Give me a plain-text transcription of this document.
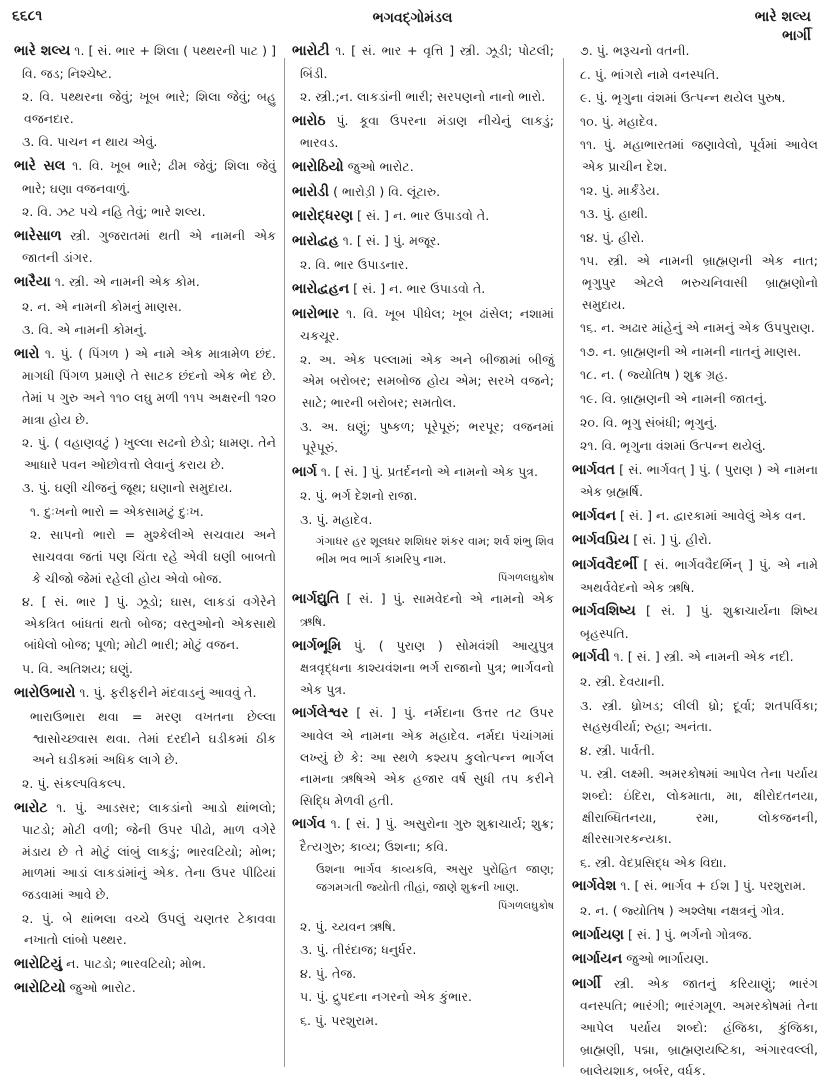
૬૬૮૧	ભગવદ્ગોમંડલ	ભારે શલ્ય
ભાર્ગી
ભારે શલ્ય ૧. [ સં. ભાર + શિલા ( પથ્થરની પાટ ) ] વિ. જડ; નિશ્ચેષ્ટ.
૨. વિ. પથ્થરના જેવું; ખૂબ ભારે; શિલા જેવું; બહુ વજનદાર.
૩. વિ. પાચન ન થાય એવું.
ભારે સલ ૧. વિ. ખૂબ ભારે; ઢીમ જેવું; શિલા જેવું ભારે; ઘણા વજનવાળું.
૨. વિ. ઝટ પચે નહિ તેવું; ભારે શલ્ય.
ભારેસાળ સ્ત્રી. ગુજરાતમાં થતી એ નામની એક જાતની ડાંગર.
ભારૈયા ૧. સ્ત્રી. એ નામની એક કોમ.
૨. ન. એ નામની કોમનું માણસ.
૩. વિ. એ નામની કોમનું.
ભારો ૧. પું. ( પિંગળ ) એ નામે એક માત્રામેળ છંદ. માગધી પિંગળ પ્રમાણે તે સાટક છંદનો એક ભેદ છે. તેમાં ૫ ગુરુ અને ૧૧૦ લઘુ મળી ૧૧૫ અક્ષરની ૧૨૦ માત્રા હોય છે.
૨. પું. ( વહાણવટું ) ખુલ્લા સઢનો છેડો; ધામણ. તેને આધારે પવન ઓછોવત્તો લેવાનું કરાય છે.
૩. પું. ઘણી ચીજનું જૂથ; ઘણાનો સમુદાય.
૧. દુઃખનો ભારો = એકસામટું દુઃખ.
૨. સાપનો ભારો = મુશ્કેલીએ સચવાય અને સાચવવા જતાં પણ ચિંતા રહે એવી ઘણી બાબતો કે ચીજો જેમાં રહેલી હોય એવો બોજ.
૪. [ સં. ભાર ] પું. ઝૂડો; ઘાસ, લાકડાં વગેરેને એકત્રિત બાંધતાં થતો બોજ; વસ્તુઓનો એકસાથે બાંધેલો બોજ; પૂળો; મોટી ભારી; મોટું વજન.
૫. વિ. અતિશય; ઘણું.
ભારોઉભારો ૧. પું. ફરીફરીને મંદવાડનું આવવું તે.
ભારાઉભારા થવા = મરણ વખતના છેલ્લા શ્વાસોચ્છ્વાસ થવા. તેમાં દરદીને ઘડીકમાં ઠીક અને ઘડીકમાં અધિક લાગે છે.
૨. પું. સંકલ્પવિકલ્પ.
ભારોટ ૧. પું. આડસર; લાકડાંનો આડો થાંભલો; પાટડો; મોટી વળી; જેની ઉપર પીઢો, માળ વગેરે મંડાય છે તે મોટું લાંબું લાકડું; ભારવટિયો; મોભ; માળમાં આડાં લાકડાંમાંનું એક. તેના ઉપર પીઢિયાં જડવામાં આવે છે.
૨. પું. બે થાંભલા વચ્ચે ઉપલું ચણતર ટેકાવવા નખાતો લાંબો પથ્થર.
ભારોટિયું ન. પાટડો; ભારવટિયો; મોભ.
ભારોટિયો જુઓ ભારોટ.
ભારોટી ૧. [ સં. ભાર + વૃત્તિ ] સ્ત્રી. ઝૂડી; પોટલી; બિંડી.
૨. સ્ત્રી.;ન. લાકડાંની ભારી; સરપણનો નાનો ભારો.
ભારોઠ પું. કૂવા ઉપરના મંડાણ નીચેનું લાકડું; ભારવડ.
ભારોઠિયો જુઓ ભારોટ.
ભારોડી ( ભારોડ઼ી ) વિ. લૂંટારુ.
ભારોદ્ધરણ [ સં. ] ન. ભાર ઉપાડવો તે.
ભારોદ્વહ ૧. [ સં. ] પું. મજૂર.
૨. વિ. ભાર ઉપાડનાર.
ભારોદ્વહન [ સં. ] ન. ભાર ઉપાડવો તે.
ભારોભાર ૧. વિ. ખૂબ પીધેલ; ખૂબ ઢાંસેલ; નશામાં ચકચૂર.
૨. અ. એક પલ્લામાં એક અને બીજામાં બીજું એમ બરોબર; સમબોજ હોય એમ; સરખે વજને; સાટે; ભારની બરોબર; સમતોલ.
૩. અ. ઘણું; પુષ્કળ; પૂરેપૂરું; ભરપૂર; વજનમાં પૂરેપૂરું.
ભાર્ગ ૧. [ સં. ] પું. પ્રતર્દનનો એ નામનો એક પુત્ર.
૨. પું. ભર્ગ દેશનો રાજા.
૩. પું. મહાદેવ.
ગંગાધર હર શૂલધર શશિધર શંકર વામ; શર્વ શંભુ શિવ ભીમ ભવ ભાર્ગ કામરિપુ નામ.
પિંગળલઘુકોષ
ભાર્ગદ્યુતિ [ સં. ] પું. સામવેદનો એ નામનો એક ઋષિ.
ભાર્ગભૂમિ પું. ( પુરાણ ) સોમવંશી આયુપુત્ર ક્ષત્રવૃદ્ધના કાશ્યવંશના ભર્ગ રાજાનો પુત્ર; ભાર્ગવનો એક પુત્ર.
ભાર્ગલેશ્વર [ સં. ] પું. નર્મદાના ઉત્તર તટ ઉપર આવેલ એ નામના એક મહાદેવ. નર્મદા પંચાંગમાં લખ્યું છે કે: આ સ્થળે કશ્યપ કુલોત્પન્ન ભાર્ગલ નામના ઋષિએ એક હજાર વર્ષ સુધી તપ કરીને સિદ્ધિ મેળવી હતી.
ભાર્ગવ ૧. [ સં. ] પું. અસુરોના ગુરુ શુક્રાચાર્ય; શુક્ર; દૈત્યગુરુ; કાવ્ય; ઉશના; કવિ.
ઉશના ભાર્ગવ કાવ્યકવિ, અસુર પુરોહિત જાણ; જગમગતી જ્યોતી તીહાં, જાણે શુક્રની ખાણ.
પિંગળલઘુકોષ
૨. પું. ચ્યવન ઋષિ.
૩. પું. તીરંદાજ; ધનુર્ધર.
૪. પું. તેજ.
૫. પું. દ્રુપદના નગરનો એક કુંભાર.
૬. પું. પરશુરામ.
૭. પું. ભરૂચનો વતની.
૮. પું. ભાંગરો નામે વનસ્પતિ.
૯. પું. ભૃગુના વંશમાં ઉત્પન્ન થયેલ પુરુષ.
૧૦. પું. મહાદેવ.
૧૧. પું. મહાભારતમાં જણાવેલો, પૂર્વમાં આવેલ એક પ્રાચીન દેશ.
૧૨. પું. માર્કંડેય.
૧૩. પું. હાથી.
૧૪. પું. હીરો.
૧૫. સ્ત્રી. એ નામની બ્રાહ્મણની એક નાત; ભૃગુપુર એટલે ભરુચનિવાસી બ્રાહ્મણોનો સમુદાય.
૧૬. ન. અઢાર માંહેનું એ નામનું એક ઉપપુરાણ.
૧૭. ન. બ્રાહ્મણની એ નામની નાતનું માણસ.
૧૮. ન. ( જ્યોતિષ ) શુક્ર ગ્રહ.
૧૯. વિ. બ્રાહ્મણની એ નામની જાતનું.
૨૦. વિ. ભૃગુ સંબંધી; ભૃગુનું.
૨૧. વિ. ભૃગુના વંશમાં ઉત્પન્ન થયેલું.
ભાર્ગવત [ સં. ભાર્ગવત્ ] પું. ( પુરાણ ) એ નામના એક બ્રહ્મર્ષિ.
ભાર્ગવન [ સં. ] ન. દ્વારકામાં આવેલું એક વન.
ભાર્ગવપ્રિય [ સં. ] પું. હીરો.
ભાર્ગવવૈદર્ભી [ સં. ભાર્ગવવૈદર્ભિન્ ] પું. એ નામે અથર્વવેદનો એક ઋષિ.
ભાર્ગવશિષ્ય [ સં. ] પું. શુક્રાચાર્યના શિષ્ય બૃહસ્પતિ.
ભાર્ગવી ૧. [ સં. ] સ્ત્રી. એ નામની એક નદી.
૨. સ્ત્રી. દેવયાની.
૩. સ્ત્રી. ધ્રોખડ; લીલી ધ્રો; દૂર્વા; શતપર્વિકા; સહસ્રવીર્યા; રુહા; અનંતા.
૪. સ્ત્રી. પાર્વતી.
૫. સ્ત્રી. લક્ષ્મી. અમરકોષમાં આપેલ તેના પર્યાય શબ્દો: ઇંદિરા, લોકમાતા, મા, ક્ષીરોદતનયા, ક્ષીરાબ્ધિતનયા, રમા, લોકજનની, ક્ષીરસાગરકન્યકા.
૬. સ્ત્રી. વેદપ્રસિદ્ધ એક વિદ્યા.
ભાર્ગવેશ ૧. [ સં. ભાર્ગવ + ઈશ ] પું. પરશુરામ.
૨. ન. ( જ્યોતિષ ) અશ્લેષા નક્ષત્રનું ગોત્ર.
ભાર્ગાયણ [ સં. ] પું. ભર્ગનો ગોત્રજ.
ભાર્ગાયન જુઓ ભાર્ગાયણ.
ભાર્ગી સ્ત્રી. એક જાતનું કરિયાણું; ભારંગ વનસ્પતિ; ભારંગી; ભારંગમૂળ. અમરકોષમાં તેના આપેલ પર્યાય શબ્દો: હંજિકા, કુંજિકા, બ્રાહ્મણી, પદ્મા, બ્રાહ્મણયષ્ટિકા, અંગારવલ્લી, બાલેયશાક, બર્બર, વર્ધક.
